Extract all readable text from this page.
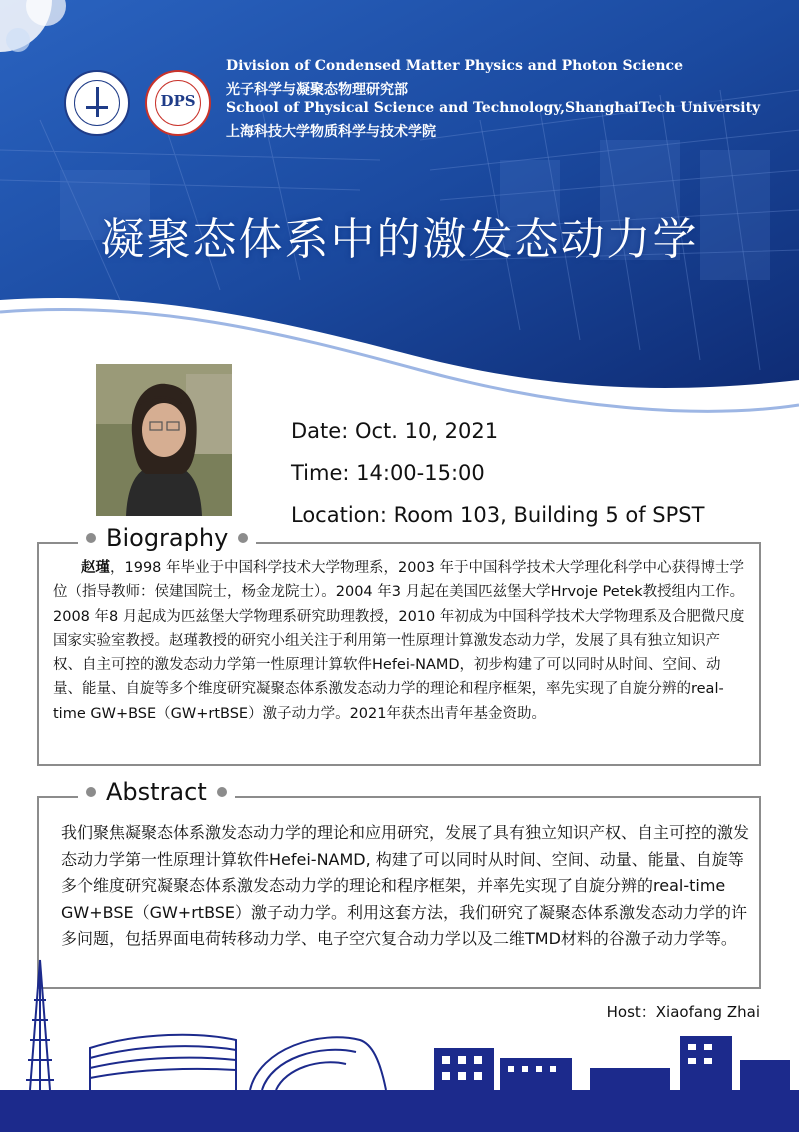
DPS
Division of Condensed Matter Physics and Photon Science
光子科学与凝聚态物理研究部
School of Physical Science and Technology,ShanghaiTech University
上海科技大学物质科学与技术学院
凝聚态体系中的激发态动力学
Date: Oct. 10, 2021
Time: 14:00-15:00
Location: Room 103, Building 5 of SPST
赵瑾，1998 年毕业于中国科学技术大学物理系，2003 年于中国科学技术大学理化科学中心获得博士学位（指导教师：侯建国院士，杨金龙院士）。2004 年3 月起在美国匹兹堡大学Hrvoje Petek教授组内工作。2008 年8 月起成为匹兹堡大学物理系研究助理教授，2010 年初成为中国科学技术大学物理系及合肥微尺度国家实验室教授。赵瑾教授的研究小组关注于利用第一性原理计算激发态动力学，发展了具有独立知识产权、自主可控的激发态动力学第一性原理计算软件Hefei-NAMD，初步构建了可以同时从时间、空间、动量、能量、自旋等多个维度研究凝聚态体系激发态动力学的理论和程序框架，率先实现了自旋分辨的real-time GW+BSE（GW+rtBSE）激子动力学。2021年获杰出青年基金资助。
Biography
我们聚焦凝聚态体系激发态动力学的理论和应用研究，发展了具有独立知识产权、自主可控的激发态动力学第一性原理计算软件Hefei-NAMD, 构建了可以同时从时间、空间、动量、能量、自旋等多个维度研究凝聚态体系激发态动力学的理论和程序框架，并率先实现了自旋分辨的real-time GW+BSE（GW+rtBSE）激子动力学。利用这套方法，我们研究了凝聚态体系激发态动力学的许多问题，包括界面电荷转移动力学、电子空穴复合动力学以及二维TMD材料的谷激子动力学等。
Abstract
Host：Xiaofang Zhai
